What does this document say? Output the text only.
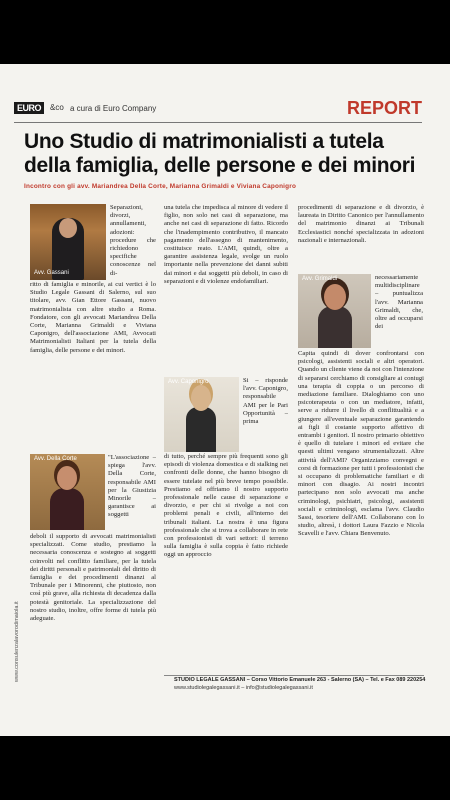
EURO	&co a cura di Euro Company	REPORT
Uno Studio di matrimonialisti a tutela della famiglia, delle persone e dei minori
Incontro con gli avv. Mariandrea Della Corte, Marianna Grimaldi e Viviana Caponigro
Avv. Gassani
Avv. Grimaldi
Avv. Caponigro
Avv. Della Corte
Separazioni, divorzi, annullamenti, adozioni: procedure che richiedono specifiche conoscenze nel di-
ritto di famiglia e minorile, ai cui vertici è lo Studio Legale Gassani di Salerno, sul suo titolare, avv. Gian Ettore Gassani, nuovo matrimonialista con altre studio a Roma. Fondatore, con gli avvocati Mariandrea Della Corte, Marianna Grimaldi e Viviana Caponigro, dell'associazione AMI, Avvocati Matrimonialisti Italiani per la tutela della famiglia, delle persone e dei minori.
"L'associazione – spiega l'avv. Della Corte, responsabile AMI per la Giustizia Minorile – garantisce ai soggetti
deboli il supporto di avvocati matrimonialisti specializzati. Come studio, prestiamo la necessaria conoscenza e sostegno ai soggetti coinvolti nel conflitto familiare, per la tutela dei diritti personali e patrimoniali del diritto di famiglia e dei procedimenti dinanzi al Tribunale per i Minorenni, che piuttosto, non così più grave, alla richiesta di decadenza dalla potestà genitoriale. La specializzazione del nostro studio, inoltre, offre forme di tutela più adeguate.
una tutela che impedisca al minore di vedere il figlio, non solo nei casi di separazione, ma anche nei casi di separazione di fatto. Ricordo che l'inadempimento contributivo, il mancato pagamento dell'assegno di mantenimento, costituisce reato. L'AMI, quindi, oltre a garantire assistenza legale, svolge un ruolo importante nella prevenzione dei danni subiti dai minori e dai soggetti più deboli, in caso di separazioni e di violenze endofamiliari.
Si – risponde l'avv. Caponigro, responsabile AMI per le Pari Opportunità – prima
di tutto, perché sempre più frequenti sono gli episodi di violenza domestica e di stalking nei confronti delle donne, che hanno bisogno di essere tutelate nel più breve tempo possibile. Prestiamo ed offriamo il nostro supporto professionale nelle cause di separazione e divorzio, e per chi si rivolge a noi con problemi penali e civili, all'interno dei tribunali italiani. La nostra è una figura professionale che si trova a collaborare in rete con professionisti di vari settori: il terreno sulla famiglia è sulla coppia è fatto richiede oggi un approccio
necessariamente multidisciplinare – puntualizza l'avv. Marianna Grimaldi, che, oltre ad occuparsi dei
procedimenti di separazione e di divorzio, è laureata in Diritto Canonico per l'annullamento del matrimonio dinanzi ai Tribunali Ecclesiastici nonché specializzata in adozioni nazionali e internazionali.
Capita quindi di dover confrontarsi con psicologi, assistenti sociali e altri operatori. Quando un cliente viene da noi con l'intenzione di separarsi cerchiamo di consigliare ai coniugi una terapia di coppia o un percorso di mediazione familiare. Dialoghiamo con uno psicoterapeuta o con un mediatore, infatti, serve a ridurre il livello di conflittualità e a giungere all'eventuale separazione garantendo ai figli il costante supporto affettivo di entrambi i genitori. Il nostro primario obiettivo è quello di tutelare i minori ed evitare che questi ultimi vengano strumentalizzati. Altre attività dell'AMI? Organizziamo convegni e corsi di formazione per tutti i professionisti che si occupano di problematiche familiari e di minori con disagio. Ai nostri incontri partecipano non solo avvocati ma anche criminologi, psichiatri, psicologi, assistenti sociali e criminologi, esclama l'avv. Claudio Sassi, tesoriere dell'AMI. Collaborano con lo studio, altresì, i dottori Laura Fazzio e Nicola Scavelli e l'avv. Chiara Benvenuto.
www.consulenzalavorodimaiola.it	STUDIO LEGALE GASSANI – Corso Vittorio Emanuele 263 - Salerno (SA) – Tel. e Fax 089 220254
www.studiolegalegassani.it – info@studiolegalegassani.it
